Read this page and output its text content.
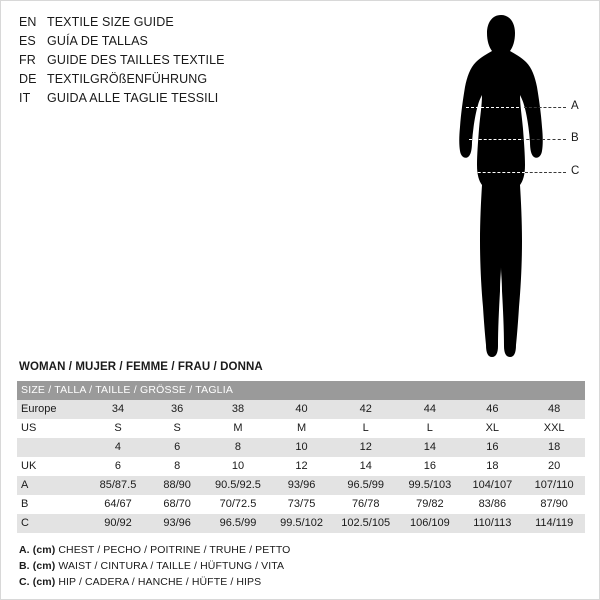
EN TEXTILE SIZE GUIDE
ES GUÍA DE TALLAS
FR GUIDE DES TAILLES TEXTILE
DE TEXTILGRÖßENFÜHRUNG
IT	GUIDA ALLE TAGLIE TESSILI
A
B
C
WOMAN / MUJER / FEMME / FRAU / DONNA
SIZE / TALLA / TAILLE / GRÖSSE / TAGLIA								
Europe	34	36	38	40	42	44	46	48
US	S	S	M	M	L	L	XL	XXL
	4	6	8	10	12	14	16	18
UK	6	8	10	12	14	16	18	20
A	85/87.5	88/90	90.5/92.5	93/96	96.5/99	99.5/103	104/107	107/110
B	64/67	68/70	70/72.5	73/75	76/78	79/82	83/86	87/90
C	90/92	93/96	96.5/99	99.5/102	102.5/105	106/109	110/113	114/119
A. (cm) CHEST / PECHO / POITRINE / TRUHE / PETTO
B. (cm) WAIST / CINTURA / TAILLE / HÜFTUNG / VITA
C. (cm) HIP / CADERA / HANCHE / HÜFTE / HIPS
